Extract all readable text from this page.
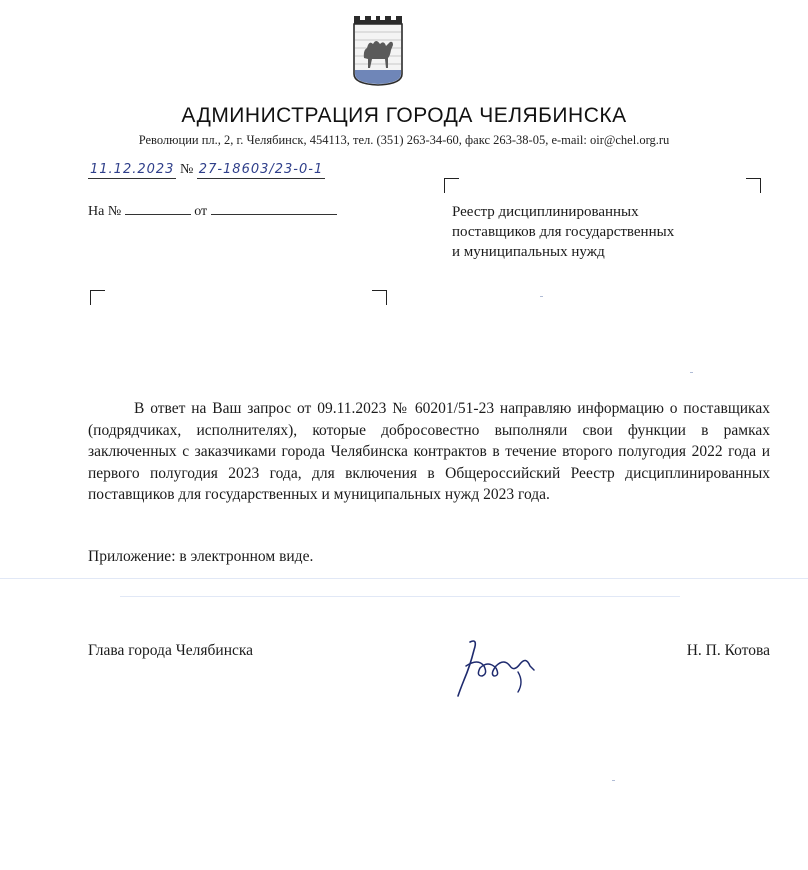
АДМИНИСТРАЦИЯ ГОРОДА ЧЕЛЯБИНСКА
Революции пл., 2, г. Челябинск, 454113, тел. (351) 263-34-60, факс 263-38-05, e-mail: oir@chel.org.ru
11.12.2023 № 27-18603/23-0-1
На №	от	Реестр дисциплинированных
поставщиков для государственных
и муниципальных нужд
В ответ на Ваш запрос от 09.11.2023 № 60201/51-23 направляю информацию о поставщиках (подрядчиках, исполнителях), которые добросовестно выполняли свои функции в рамках заключенных с заказчиками города Челябинска контрактов в течение второго полугодия 2022 года и первого полугодия 2023 года, для включения в Общероссийский Реестр дисциплинированных поставщиков для государственных и муниципальных нужд 2023 года.
Приложение: в электронном виде.
Глава города Челябинска	Н. П. Котова
